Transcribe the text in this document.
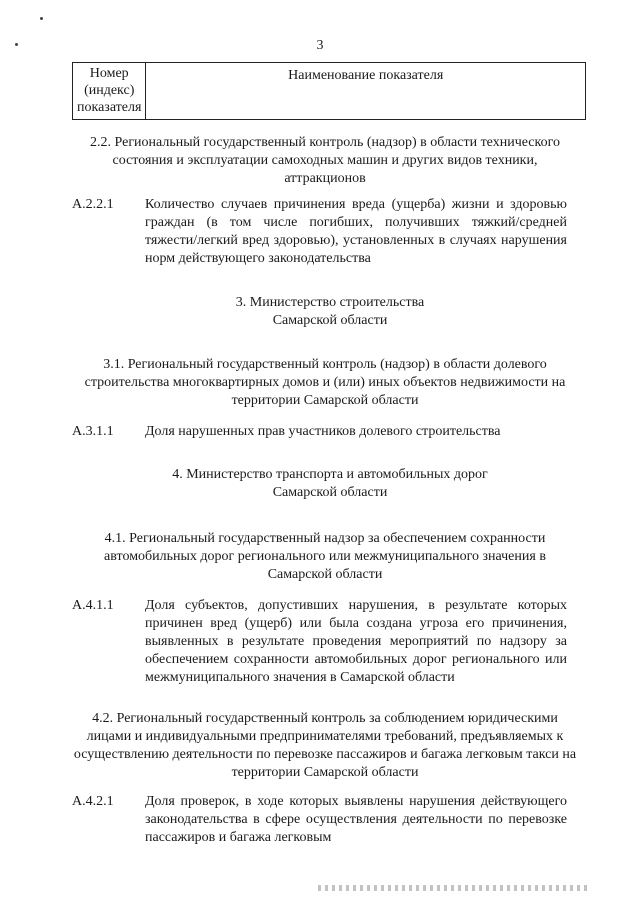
3
Номер (индекс) показателя	Наименование показателя
2.2. Региональный государственный контроль (надзор) в области технического состояния и эксплуатации самоходных машин и других видов техники, аттракционов
А.2.2.1 Количество случаев причинения вреда (ущерба) жизни и здоровью граждан (в том числе погибших, получивших тяжкий/средней тяжести/легкий вред здоровью), установленных в случаях нарушения норм действующего законодательства
3. Министерство строительства Самарской области
3.1. Региональный государственный контроль (надзор) в области долевого строительства многоквартирных домов и (или) иных объектов недвижимости на территории Самарской области
А.3.1.1 Доля нарушенных прав участников долевого строительства
4. Министерство транспорта и автомобильных дорог Самарской области
4.1. Региональный государственный надзор за обеспечением сохранности автомобильных дорог регионального или межмуниципального значения в Самарской области
А.4.1.1 Доля субъектов, допустивших нарушения, в результате которых причинен вред (ущерб) или была создана угроза его причинения, выявленных в результате проведения мероприятий по надзору за обеспечением сохранности автомобильных дорог регионального или межмуниципального значения в Самарской области
4.2. Региональный государственный контроль за соблюдением юридическими лицами и индивидуальными предпринимателями требований, предъявляемых к осуществлению деятельности по перевозке пассажиров и багажа легковым такси на территории Самарской области
А.4.2.1 Доля проверок, в ходе которых выявлены нарушения действующего законодательства в сфере осуществления деятельности по перевозке пассажиров и багажа легковым
